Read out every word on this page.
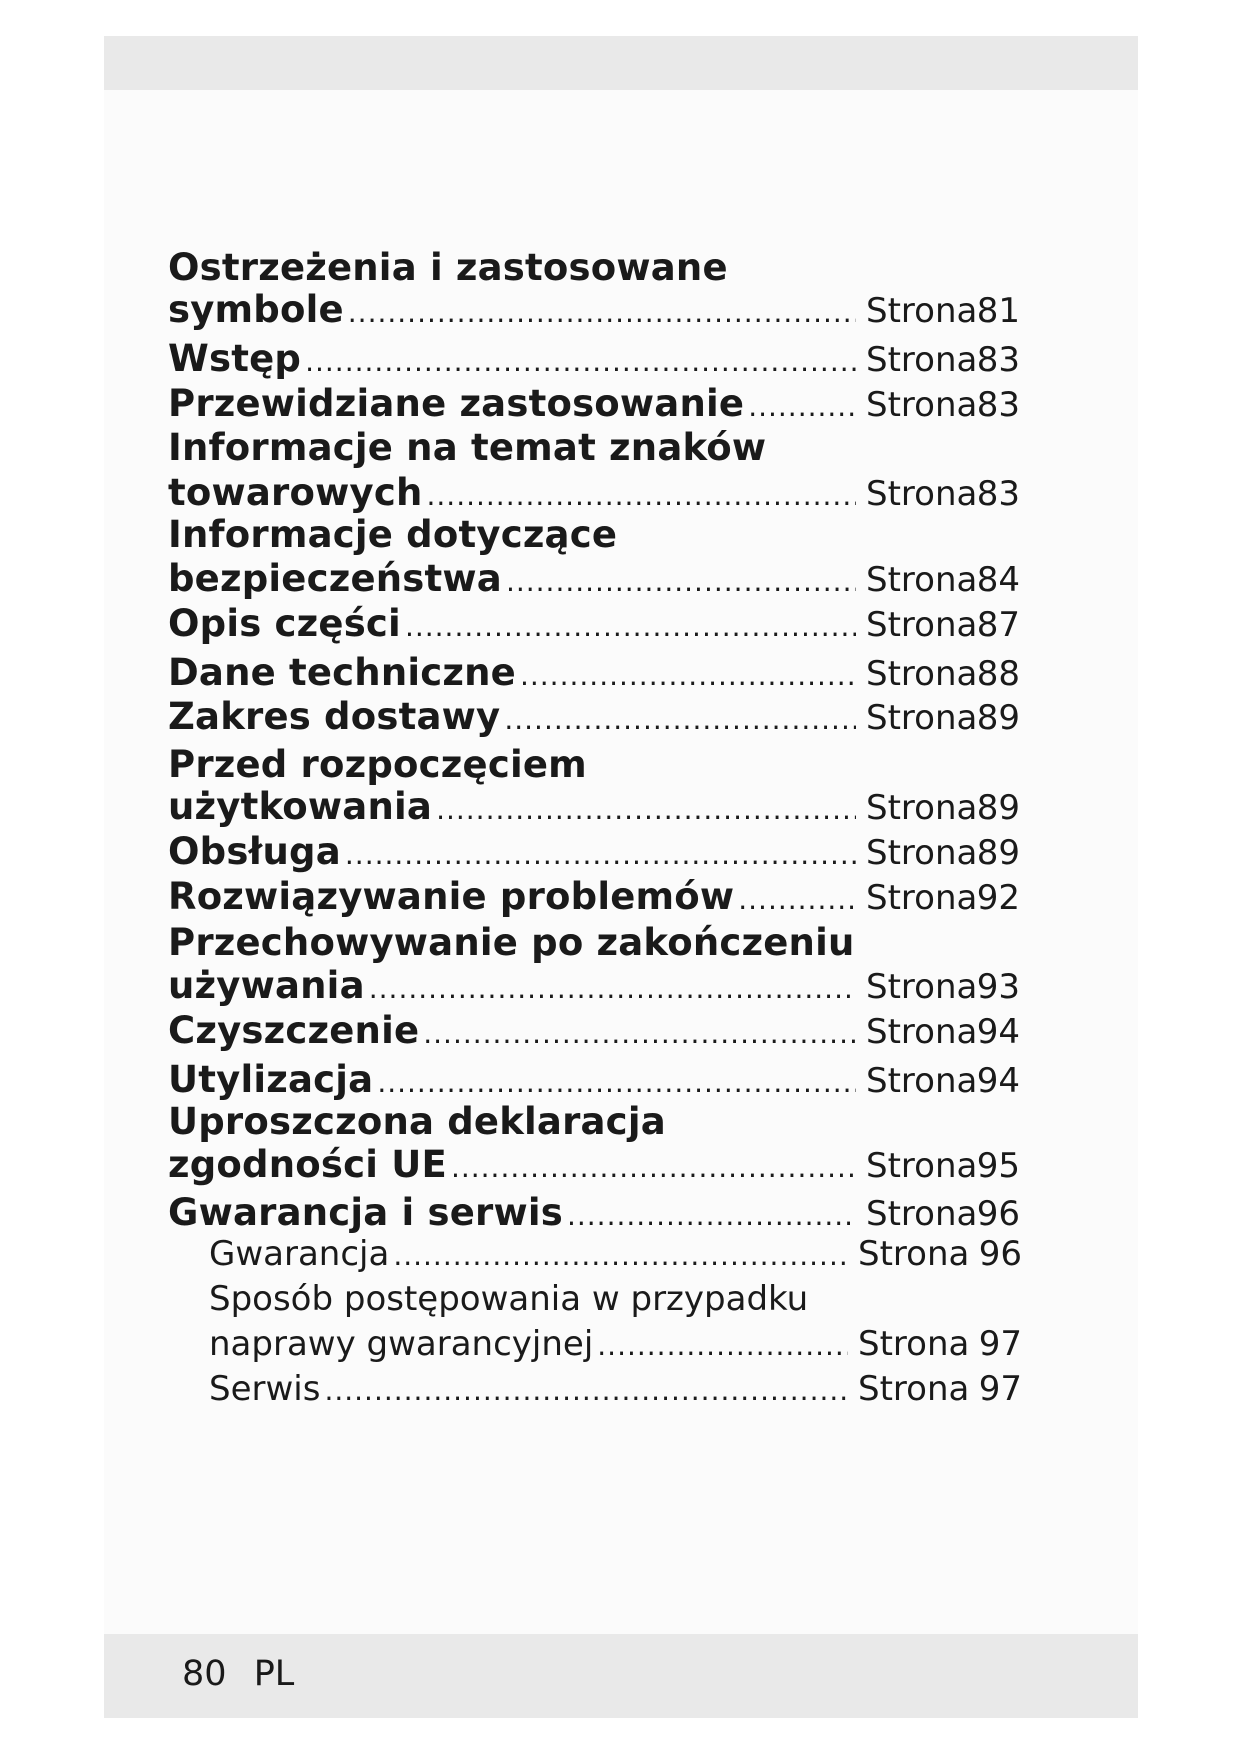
Ostrzeżenia i zastosowane
symbole .....	Strona 81
Wstęp .....	Strona 83
Przewidziane zastosowanie .....	Strona 83
Informacje na temat znaków
towarowych .....	Strona 83
Informacje dotyczące
bezpieczeństwa .....	Strona 84
Opis części .....	Strona 87
Dane techniczne .....	Strona 88
Zakres dostawy .....	Strona 89
Przed rozpoczęciem
użytkowania .....	Strona 89
Obsługa .....	Strona 89
Rozwiązywanie problemów .....	Strona 92
Przechowywanie po zakończeniu
używania .....	Strona 93
Czyszczenie .....	Strona 94
Utylizacja .....	Strona 94
Uproszczona deklaracja
zgodności UE .....	Strona 95
Gwarancja i serwis .....	Strona 96
Gwarancja .....	Strona 96
Sposób postępowania w przypadku
naprawy gwarancyjnej .....	Strona 97
Serwis .....	Strona 97
80 PL
